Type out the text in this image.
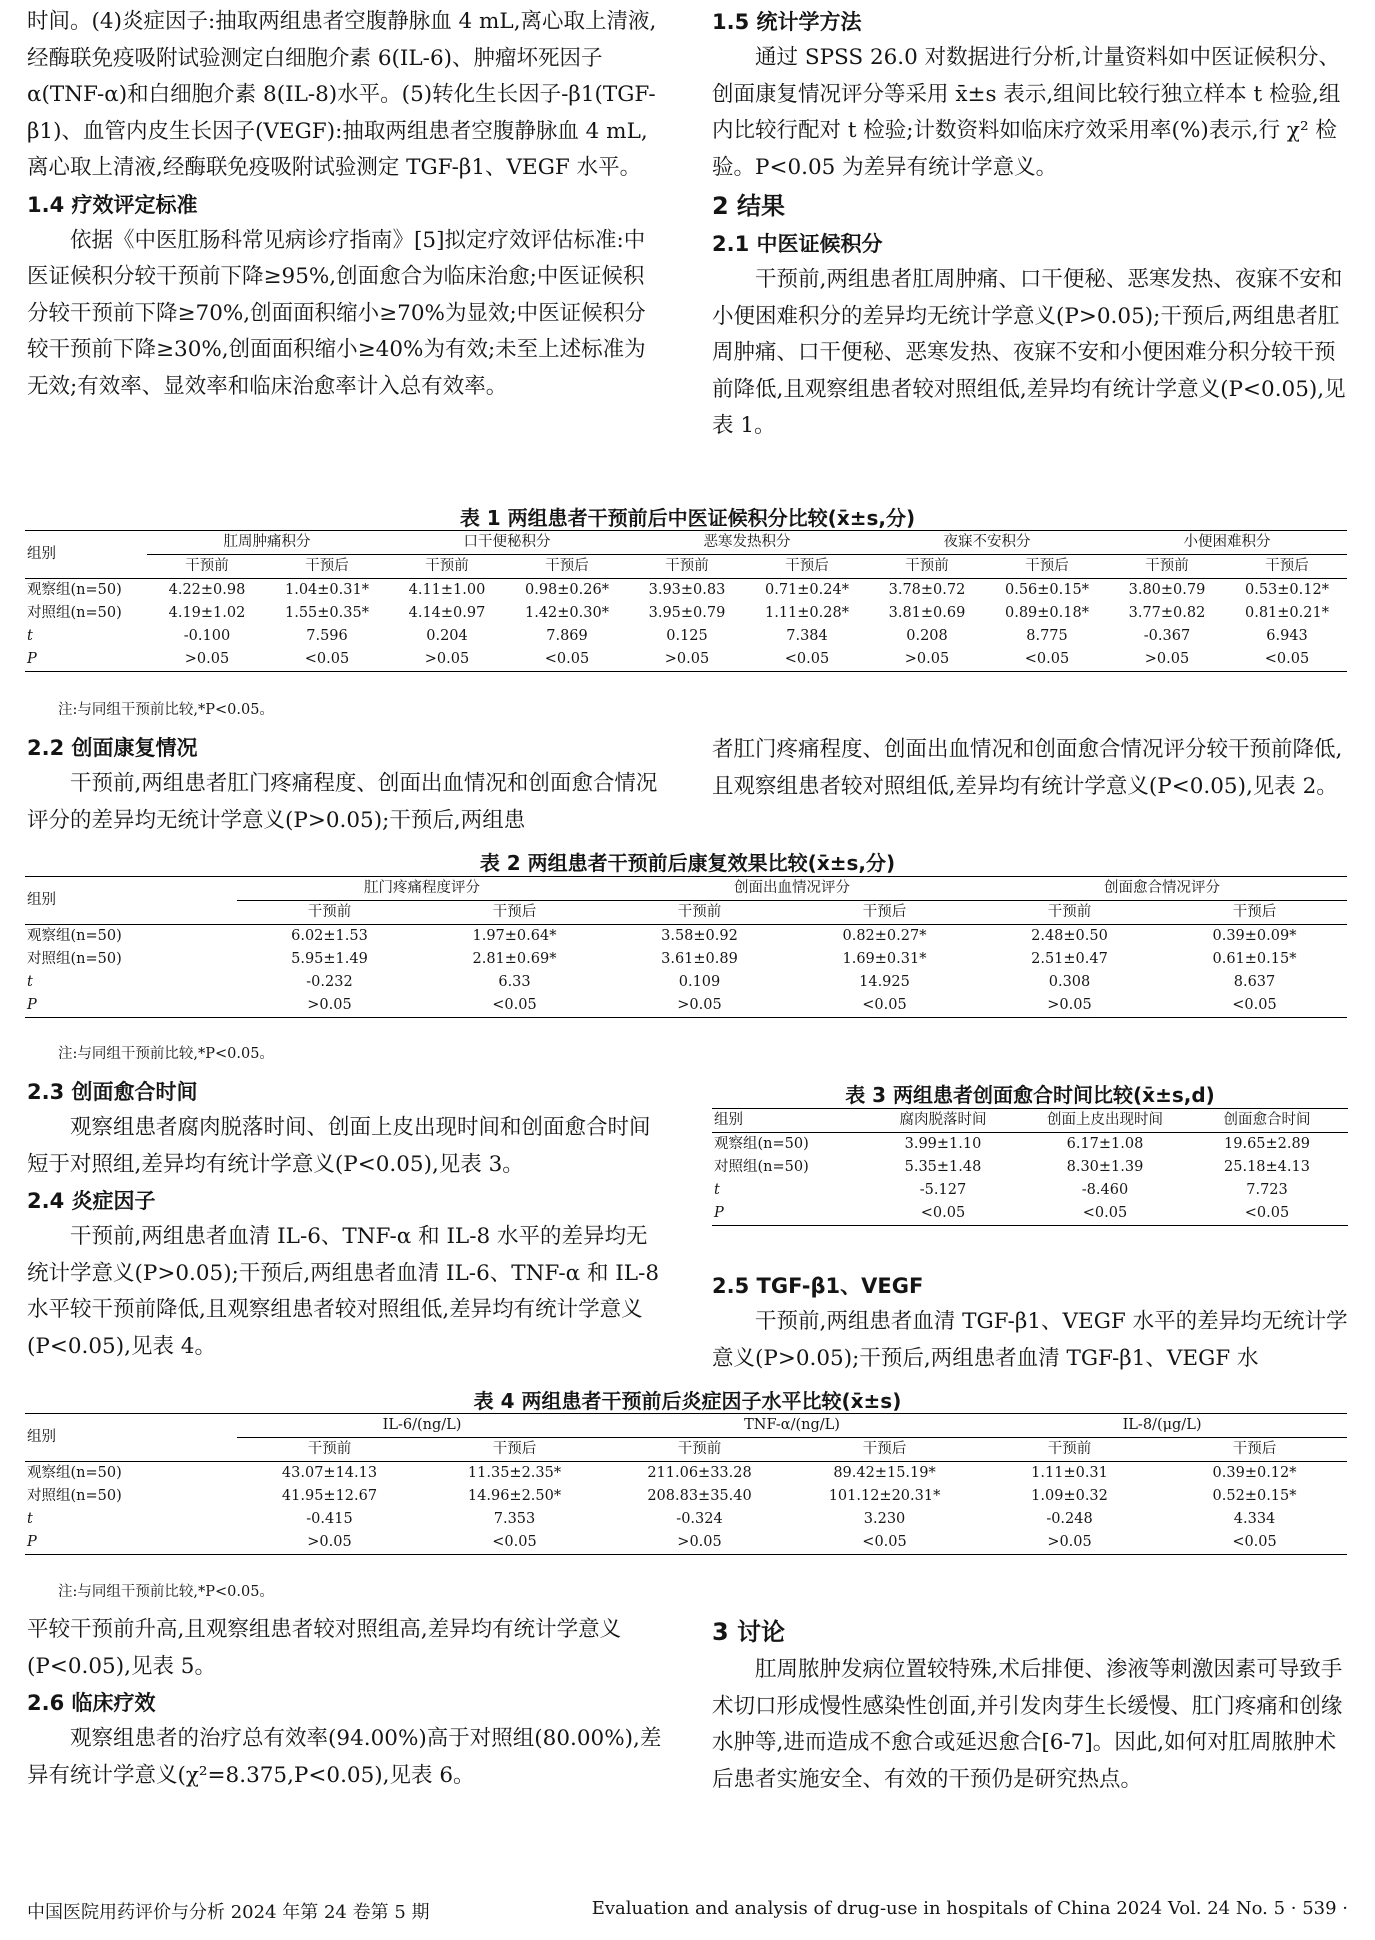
时间。(4)炎症因子:抽取两组患者空腹静脉血 4 mL,离心取上清液,经酶联免疫吸附试验测定白细胞介素 6(IL-6)、肿瘤坏死因子 α(TNF-α)和白细胞介素 8(IL-8)水平。(5)转化生长因子-β1(TGF-β1)、血管内皮生长因子(VEGF):抽取两组患者空腹静脉血 4 mL,离心取上清液,经酶联免疫吸附试验测定 TGF-β1、VEGF 水平。

1.4 疗效评定标准

依据《中医肛肠科常见病诊疗指南》[5]拟定疗效评估标准:中医证候积分较干预前下降≥95%,创面愈合为临床治愈;中医证候积分较干预前下降≥70%,创面面积缩小≥70%为显效;中医证候积分较干预前下降≥30%,创面面积缩小≥40%为有效;未至上述标准为无效;有效率、显效率和临床治愈率计入总有效率。

1.5 统计学方法

通过 SPSS 26.0 对数据进行分析,计量资料如中医证候积分、创面康复情况评分等采用 x̄±s 表示,组间比较行独立样本 t 检验,组内比较行配对 t 检验;计数资料如临床疗效采用率(%)表示,行 χ² 检验。P<0.05 为差异有统计学意义。

2 结果

2.1 中医证候积分

干预前,两组患者肛周肿痛、口干便秘、恶寒发热、夜寐不安和小便困难积分的差异均无统计学意义(P>0.05);干预后,两组患者肛周肿痛、口干便秘、恶寒发热、夜寐不安和小便困难分积分较干预前降低,且观察组患者较对照组低,差异均有统计学意义(P<0.05),见表 1。

表 1 两组患者干预前后中医证候积分比较(x̄±s,分)
组别	肛周肿痛积分		口干便秘积分		恶寒发热积分		夜寐不安积分		小便困难积分	
	干预前	干预后	干预前	干预后	干预前	干预后	干预前	干预后	干预前	干预后
观察组(n=50)	4.22±0.98	1.04±0.31*	4.11±1.00	0.98±0.26*	3.93±0.83	0.71±0.24*	3.78±0.72	0.56±0.15*	3.80±0.79	0.53±0.12*
对照组(n=50)	4.19±1.02	1.55±0.35*	4.14±0.97	1.42±0.30*	3.95±0.79	1.11±0.28*	3.81±0.69	0.89±0.18*	3.77±0.82	0.81±0.21*
t	-0.100	7.596	0.204	7.869	0.125	7.384	0.208	8.775	-0.367	6.943
P	>0.05	<0.05	>0.05	<0.05	>0.05	<0.05	>0.05	<0.05	>0.05	<0.05
注:与同组干预前比较,*P<0.05。

2.2 创面康复情况

干预前,两组患者肛门疼痛程度、创面出血情况和创面愈合情况评分的差异均无统计学意义(P>0.05);干预后,两组患

者肛门疼痛程度、创面出血情况和创面愈合情况评分较干预前降低,且观察组患者较对照组低,差异均有统计学意义(P<0.05),见表 2。

表 2 两组患者干预前后康复效果比较(x̄±s,分)
组别	肛门疼痛程度评分		创面出血情况评分		创面愈合情况评分	
	干预前	干预后	干预前	干预后	干预前	干预后
观察组(n=50)	6.02±1.53	1.97±0.64*	3.58±0.92	0.82±0.27*	2.48±0.50	0.39±0.09*
对照组(n=50)	5.95±1.49	2.81±0.69*	3.61±0.89	1.69±0.31*	2.51±0.47	0.61±0.15*
t	-0.232	6.33	0.109	14.925	0.308	8.637
P	>0.05	<0.05	>0.05	<0.05	>0.05	<0.05
注:与同组干预前比较,*P<0.05。

2.3 创面愈合时间

观察组患者腐肉脱落时间、创面上皮出现时间和创面愈合时间短于对照组,差异均有统计学意义(P<0.05),见表 3。

2.4 炎症因子

干预前,两组患者血清 IL-6、TNF-α 和 IL-8 水平的差异均无统计学意义(P>0.05);干预后,两组患者血清 IL-6、TNF-α 和 IL-8 水平较干预前降低,且观察组患者较对照组低,差异均有统计学意义(P<0.05),见表 4。

表 3 两组患者创面愈合时间比较(x̄±s,d)
组别	腐肉脱落时间	创面上皮出现时间	创面愈合时间
观察组(n=50)	3.99±1.10	6.17±1.08	19.65±2.89
对照组(n=50)	5.35±1.48	8.30±1.39	25.18±4.13
t	-5.127	-8.460	7.723
P	<0.05	<0.05	<0.05

2.5 TGF-β1、VEGF

干预前,两组患者血清 TGF-β1、VEGF 水平的差异均无统计学意义(P>0.05);干预后,两组患者血清 TGF-β1、VEGF 水

表 4 两组患者干预前后炎症因子水平比较(x̄±s)
组别	IL-6/(ng/L)		TNF-α/(ng/L)		IL-8/(μg/L)	
	干预前	干预后	干预前	干预后	干预前	干预后
观察组(n=50)	43.07±14.13	11.35±2.35*	211.06±33.28	89.42±15.19*	1.11±0.31	0.39±0.12*
对照组(n=50)	41.95±12.67	14.96±2.50*	208.83±35.40	101.12±20.31*	1.09±0.32	0.52±0.15*
t	-0.415	7.353	-0.324	3.230	-0.248	4.334
P	>0.05	<0.05	>0.05	<0.05	>0.05	<0.05
注:与同组干预前比较,*P<0.05。

平较干预前升高,且观察组患者较对照组高,差异均有统计学意义(P<0.05),见表 5。

2.6 临床疗效

观察组患者的治疗总有效率(94.00%)高于对照组(80.00%),差异有统计学意义(χ²=8.375,P<0.05),见表 6。

3 讨论

肛周脓肿发病位置较特殊,术后排便、渗液等刺激因素可导致手术切口形成慢性感染性创面,并引发肉芽生长缓慢、肛门疼痛和创缘水肿等,进而造成不愈合或延迟愈合[6-7]。因此,如何对肛周脓肿术后患者实施安全、有效的干预仍是研究热点。

中国医院用药评价与分析 2024 年第 24 卷第 5 期	Evaluation and analysis of drug-use in hospitals of China 2024 Vol. 24 No. 5 · 539 ·
